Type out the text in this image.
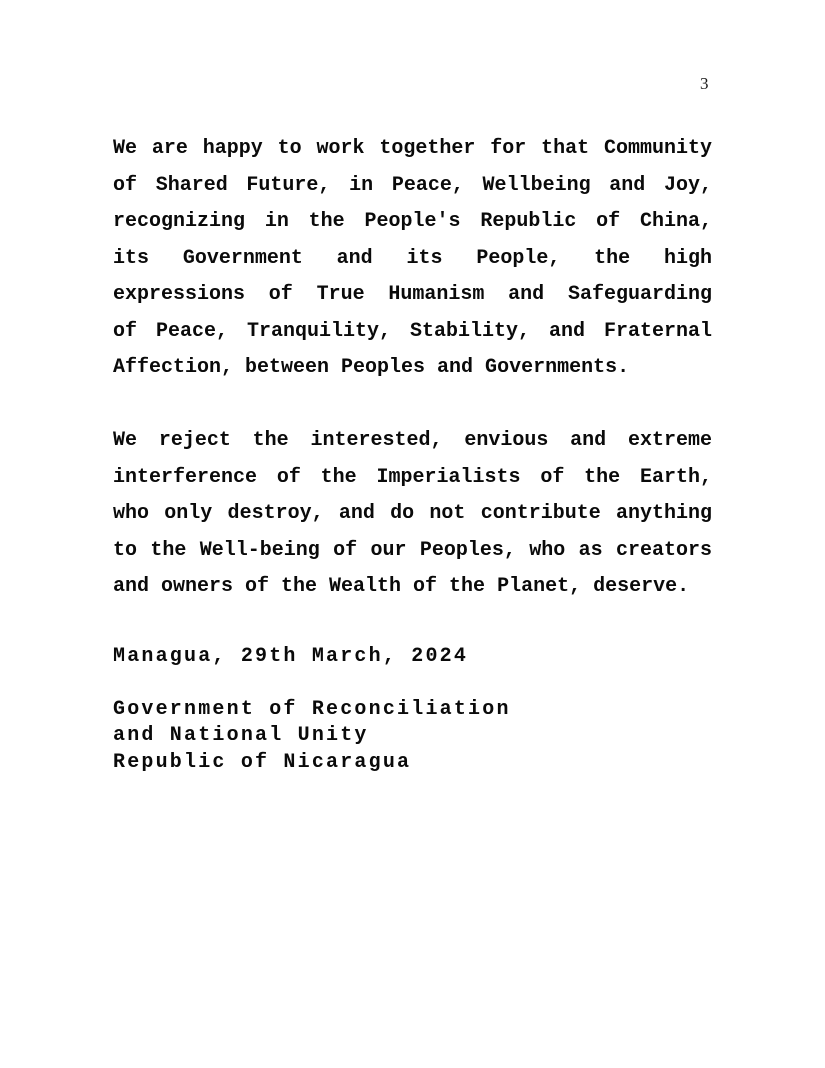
3
We are happy to work together for that Community
of Shared Future, in Peace, Wellbeing and Joy,
recognizing in the People's Republic of China,
its Government and its People, the high
expressions of True Humanism and Safeguarding
of Peace, Tranquility, Stability, and Fraternal
Affection, between Peoples and Governments.
We reject the interested, envious and extreme
interference of the Imperialists of the Earth,
who only destroy, and do not contribute anything
to the Well-being of our Peoples, who as creators
and owners of the Wealth of the Planet, deserve.
Managua, 29th March, 2024
Government of Reconciliation
and National Unity
Republic of Nicaragua
